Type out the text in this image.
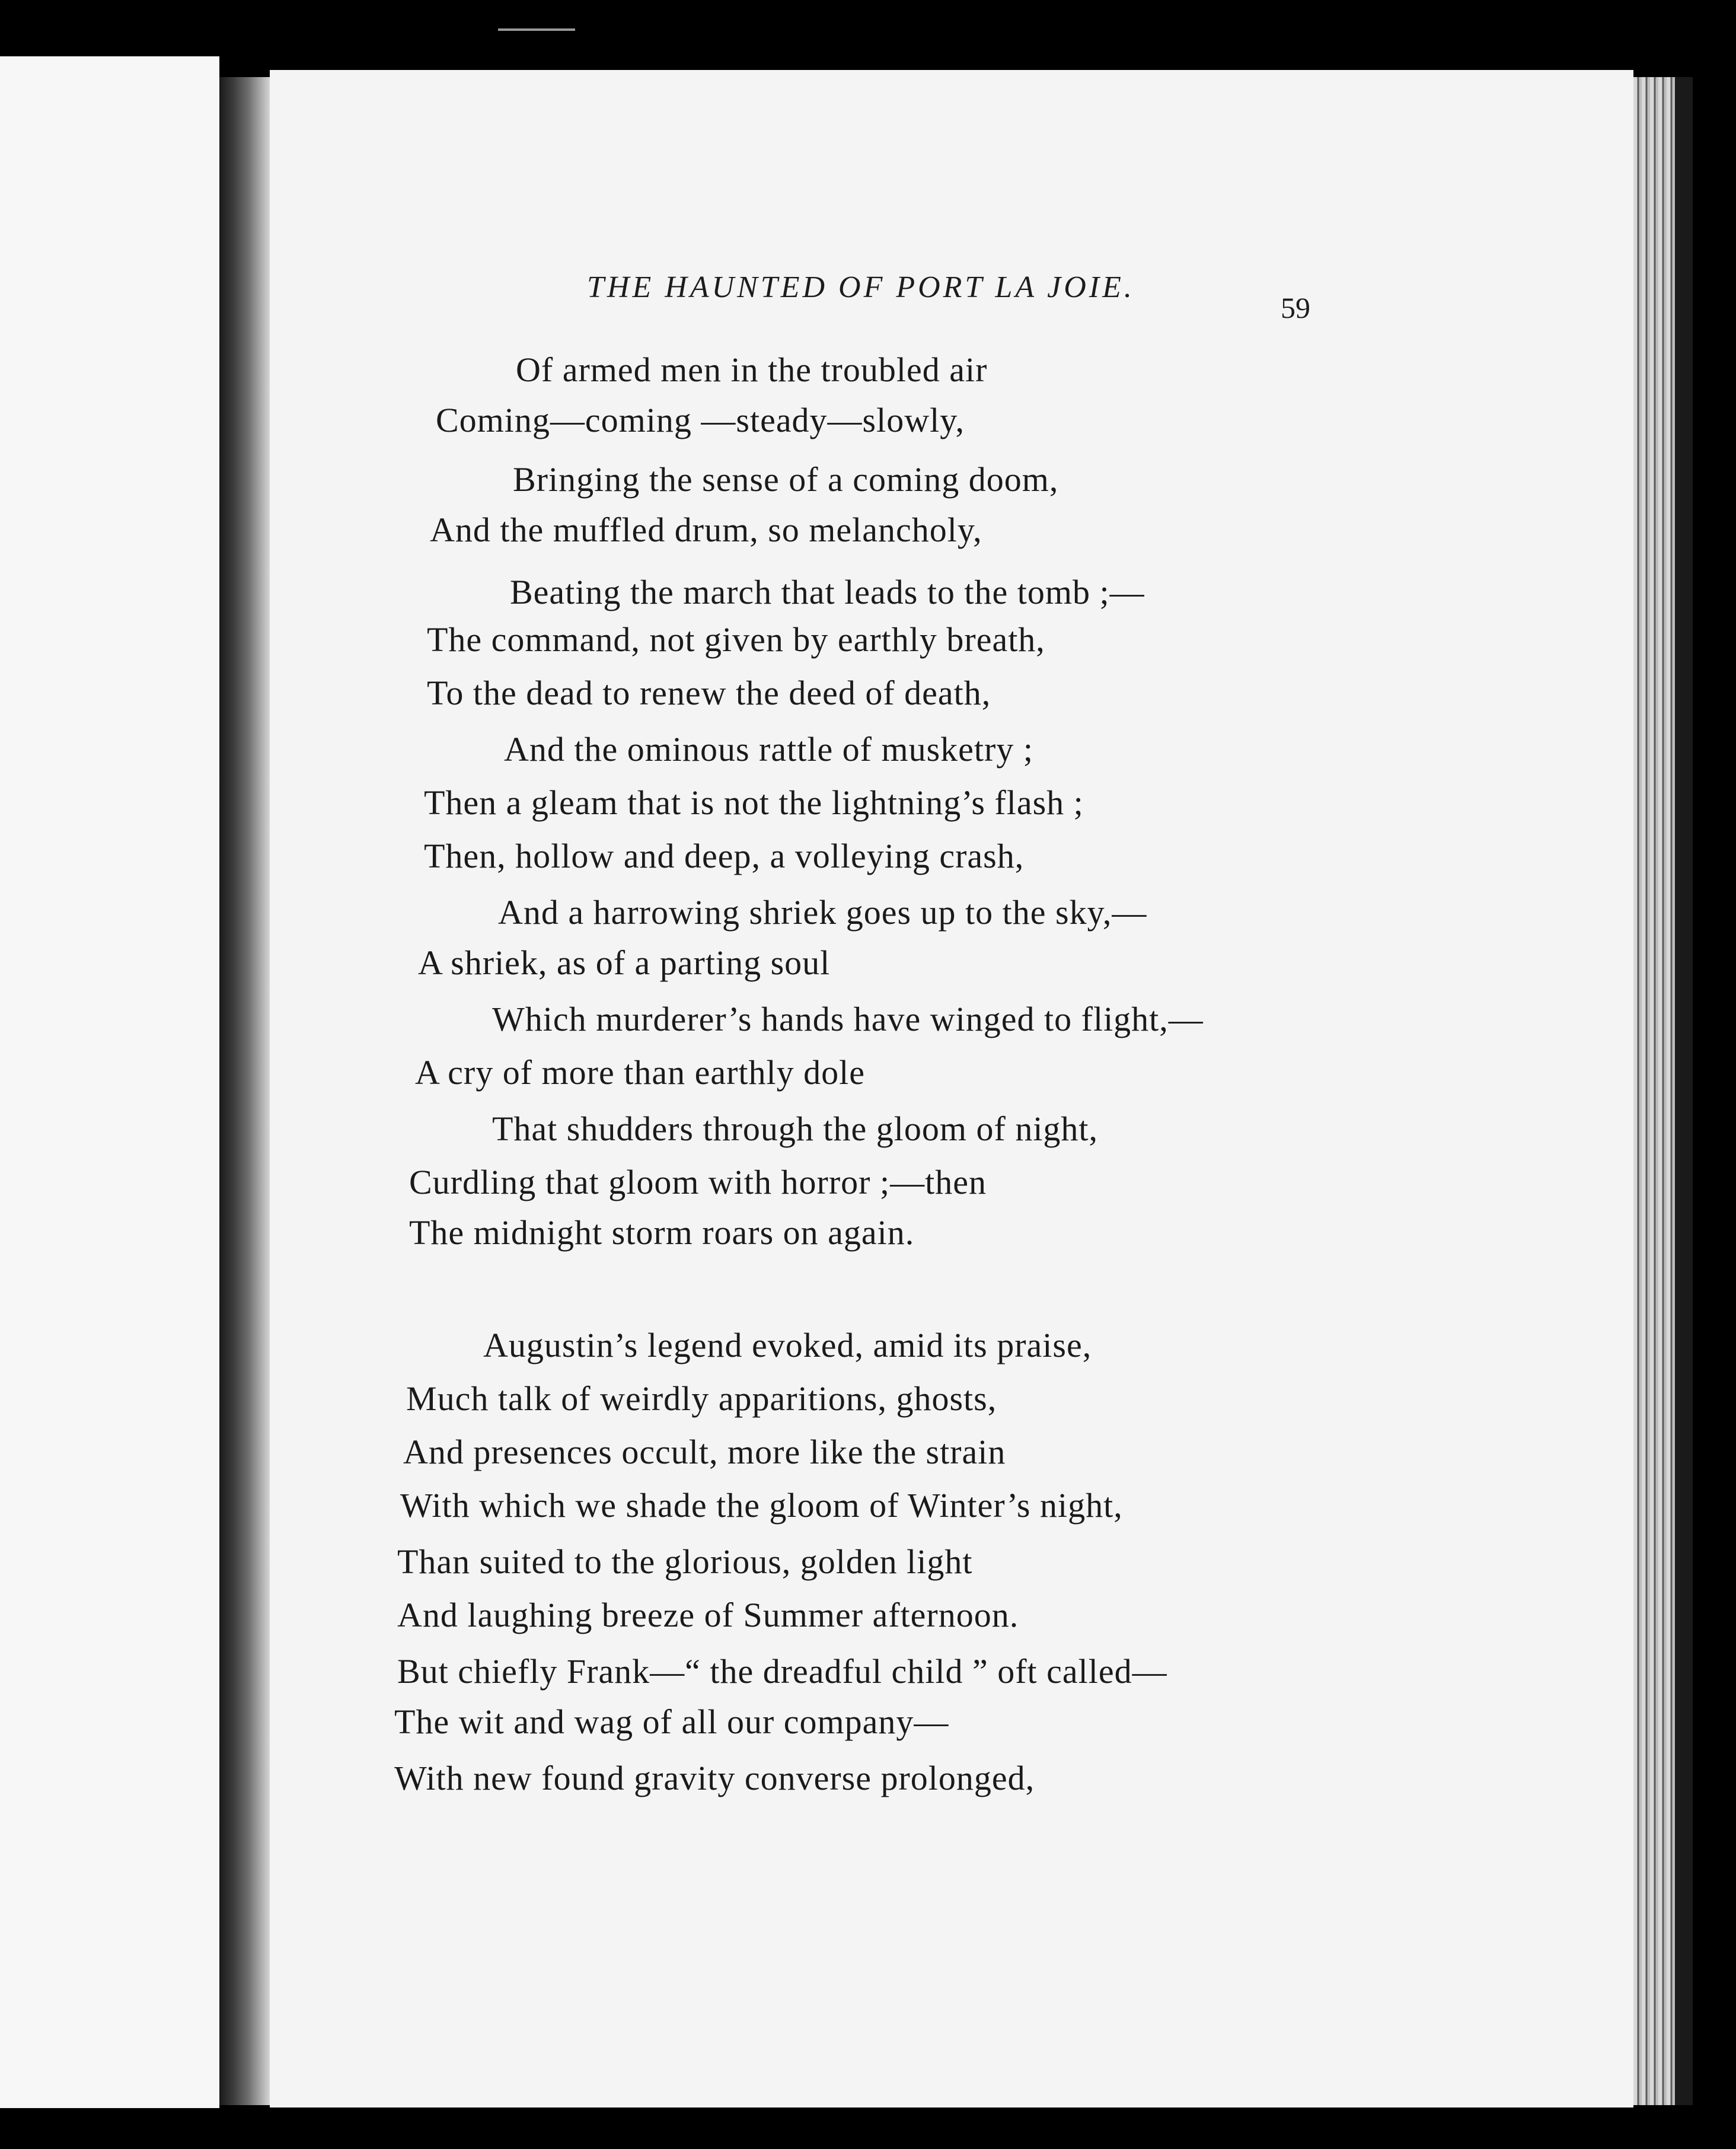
THE HAUNTED OF PORT LA JOIE.
59
Of armed men in the troubled air
Coming—coming —steady—slowly,
Bringing the sense of a coming doom,
And the muffled drum, so melancholy,
Beating the march that leads to the tomb ;—
The command, not given by earthly breath,
To the dead to renew the deed of death,
And the ominous rattle of musketry ;
Then a gleam that is not the lightning’s flash ;
Then, hollow and deep, a volleying crash,
And a harrowing shriek goes up to the sky,—
A shriek, as of a parting soul
Which murderer’s hands have winged to flight,—
A cry of more than earthly dole
That shudders through the gloom of night,
Curdling that gloom with horror ;—then
The midnight storm roars on again.
Augustin’s legend evoked, amid its praise,
Much talk of weirdly apparitions, ghosts,
And presences occult, more like the strain
With which we shade the gloom of Winter’s night,
Than suited to the glorious, golden light
And laughing breeze of Summer afternoon.
But chiefly Frank—“ the dreadful child ” oft called—
The wit and wag of all our company—
With new found gravity converse prolonged,
